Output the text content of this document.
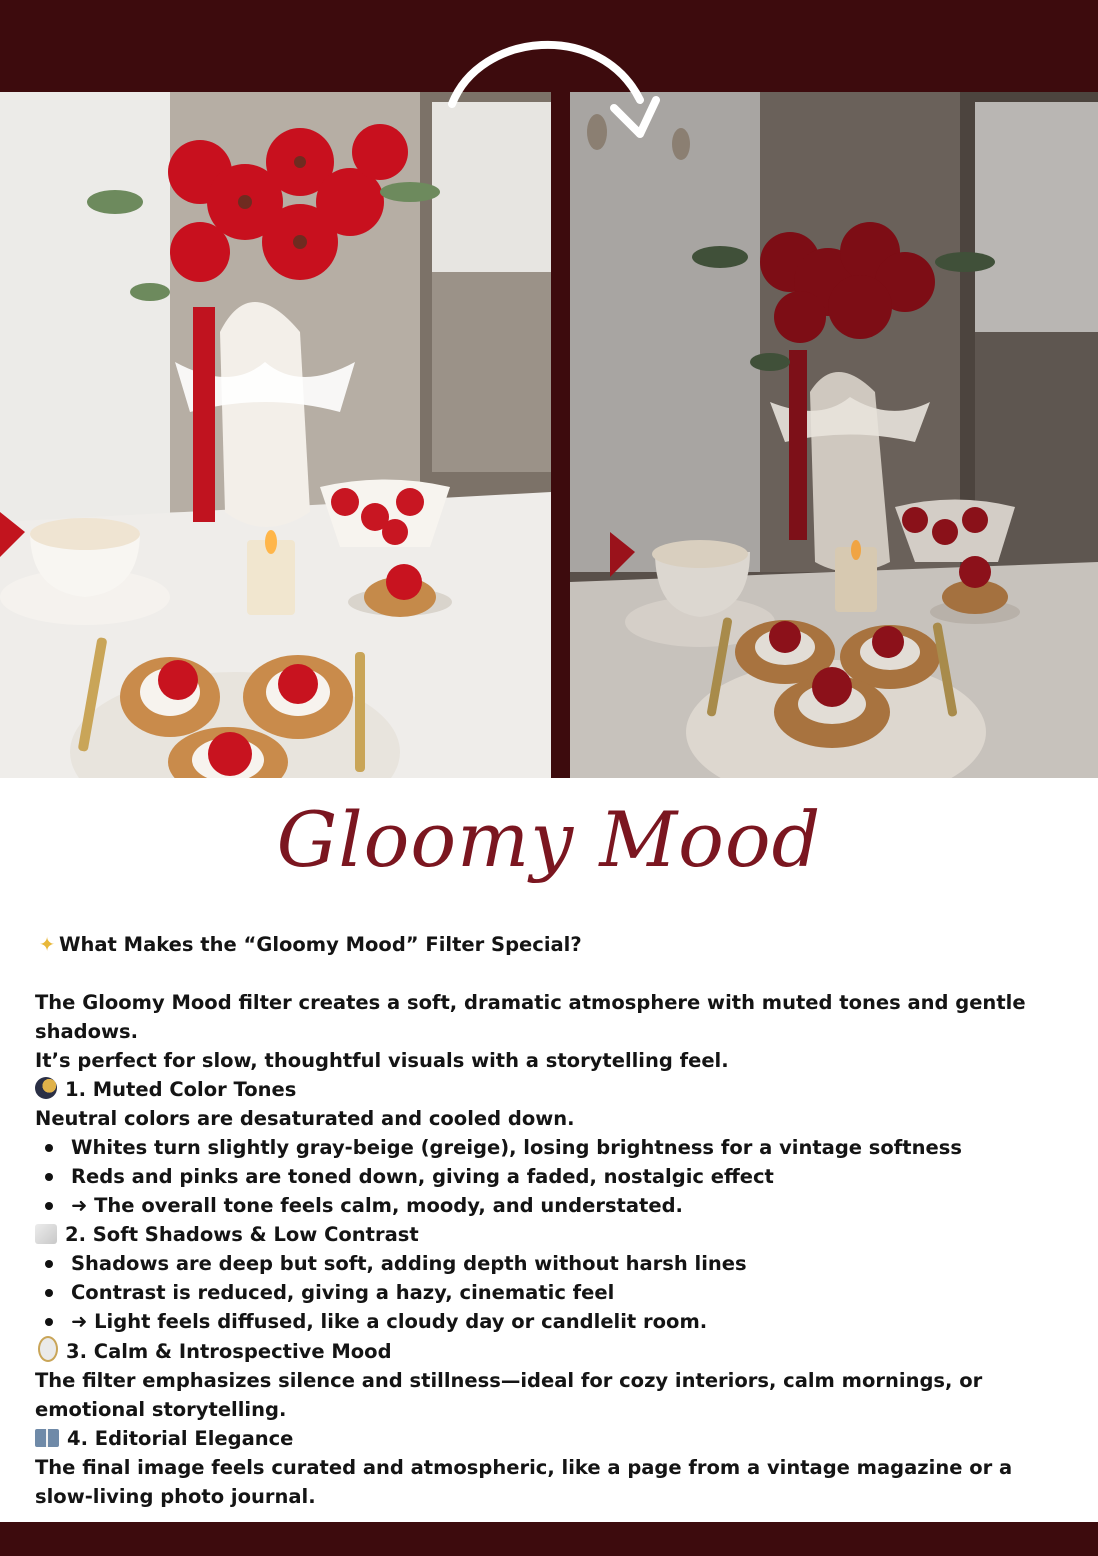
Gloomy Mood

✦ What Makes the “Gloomy Mood” Filter Special?

The Gloomy Mood filter creates a soft, dramatic atmosphere with muted tones and gentle shadows.

It’s perfect for slow, thoughtful visuals with a storytelling feel.

1. Muted Color Tones

Neutral colors are desaturated and cooled down.

Whites turn slightly gray-beige (greige), losing brightness for a vintage softness
Reds and pinks are toned down, giving a faded, nostalgic effect
➜ The overall tone feels calm, moody, and understated.

2. Soft Shadows & Low Contrast

Shadows are deep but soft, adding depth without harsh lines
Contrast is reduced, giving a hazy, cinematic feel
➜ Light feels diffused, like a cloudy day or candlelit room.

3. Calm & Introspective Mood

The filter emphasizes silence and stillness—ideal for cozy interiors, calm mornings, or emotional storytelling.

4. Editorial Elegance

The final image feels curated and atmospheric, like a page from a vintage magazine or a slow-living photo journal.
